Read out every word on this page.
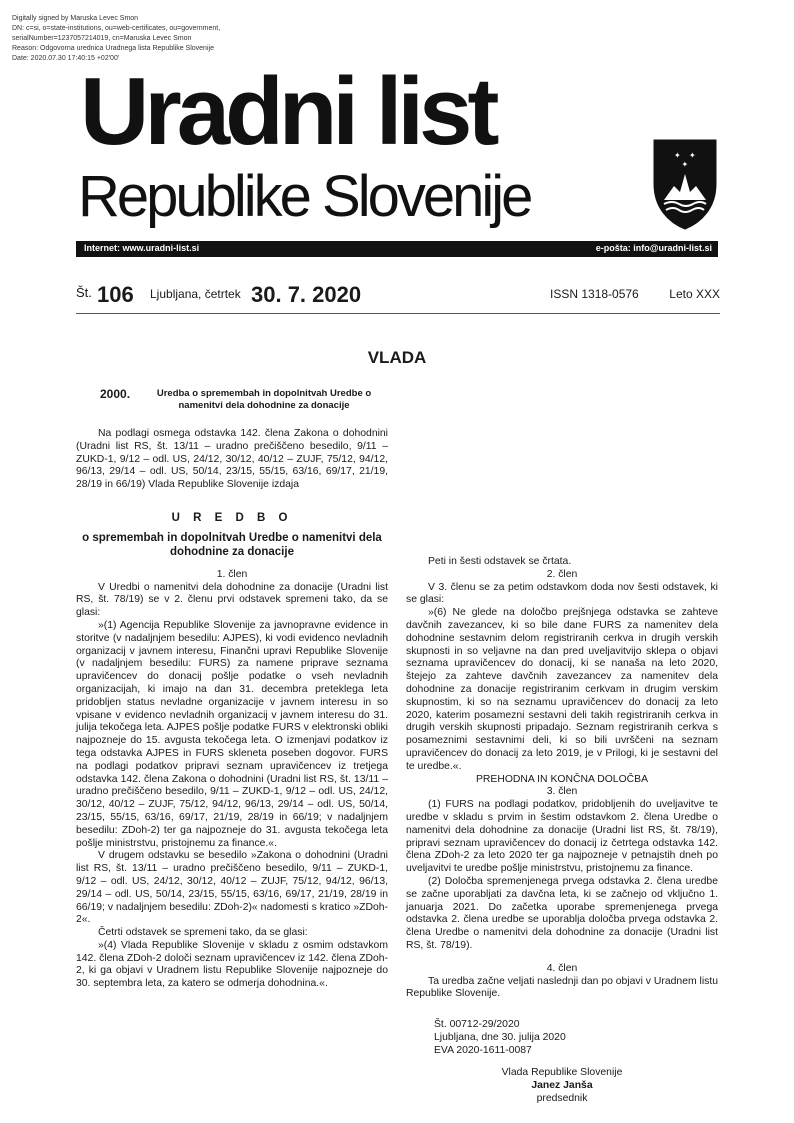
Digitally signed by Maruska Levec Smon
DN: c=si, o=state-institutions, ou=web-certificates, ou=government,
serialNumber=1237057214019, cn=Maruska Levec Smon
Reason: Odgovorna urednica Uradnega lista Republike Slovenije
Date: 2020.07.30 17:40:15 +02'00'
Uradni list
Republike Slovenije
✦ ✦
✦
Internet: www.uradni-list.si	e-pošta: info@uradni-list.si
Št. 106 Ljubljana, četrtek 30. 7. 2020	ISSN 1318-0576	Leto XXX
VLADA
2000.	Uredba o spremembah in dopolnitvah Uredbe o namenitvi dela dohodnine za donacije

Na podlagi osmega odstavka 142. člena Zakona o dohodnini (Uradni list RS, št. 13/11 – uradno prečiščeno besedilo, 9/11 – ZUKD-1, 9/12 – odl. US, 24/12, 30/12, 40/12 – ZUJF, 75/12, 94/12, 96/13, 29/14 – odl. US, 50/14, 23/15, 55/15, 63/16, 69/17, 21/19, 28/19 in 66/19) Vlada Republike Slovenije izdaja

U R E D B O
o spremembah in dopolnitvah Uredbe o namenitvi dela dohodnine za donacije

1. člen

V Uredbi o namenitvi dela dohodnine za donacije (Uradni list RS, št. 78/19) se v 2. členu prvi odstavek spremeni tako, da se glasi:

»(1) Agencija Republike Slovenije za javnopravne evidence in storitve (v nadaljnjem besedilu: AJPES), ki vodi evidenco nevladnih organizacij v javnem interesu, Finančni upravi Republike Slovenije (v nadaljnjem besedilu: FURS) za namene priprave seznama upravičencev do donacij pošlje podatke o vseh nevladnih organizacijah, ki imajo na dan 31. decembra preteklega leta pridobljen status nevladne organizacije v javnem interesu in so vpisane v evidenco nevladnih organizacij v javnem interesu do 31. julija tekočega leta. AJPES pošlje podatke FURS v elektronski obliki najpozneje do 15. avgusta tekočega leta. O izmenjavi podatkov iz tega odstavka AJPES in FURS skleneta poseben dogovor. FURS na podlagi podatkov pripravi seznam upravičencev iz tretjega odstavka 142. člena Zakona o dohodnini (Uradni list RS, št. 13/11 – uradno prečiščeno besedilo, 9/11 – ZUKD-1, 9/12 – odl. US, 24/12, 30/12, 40/12 – ZUJF, 75/12, 94/12, 96/13, 29/14 – odl. US, 50/14, 23/15, 55/15, 63/16, 69/17, 21/19, 28/19 in 66/19; v nadaljnjem besedilu: ZDoh-2) ter ga najpozneje do 31. avgusta tekočega leta pošlje ministrstvu, pristojnemu za finance.«.

V drugem odstavku se besedilo »Zakona o dohodnini (Uradni list RS, št. 13/11 – uradno prečiščeno besedilo, 9/11 – ZUKD-1, 9/12 – odl. US, 24/12, 30/12, 40/12 – ZUJF, 75/12, 94/12, 96/13, 29/14 – odl. US, 50/14, 23/15, 55/15, 63/16, 69/17, 21/19, 28/19 in 66/19; v nadaljnjem besedilu: ZDoh-2)« nadomesti s kratico »ZDoh-2«.

Četrti odstavek se spremeni tako, da se glasi:

»(4) Vlada Republike Slovenije v skladu z osmim odstavkom 142. člena ZDoh-2 določi seznam upravičencev iz 142. člena ZDoh-2, ki ga objavi v Uradnem listu Republike Slovenije najpozneje do 30. septembra leta, za katero se odmerja dohodnina.«.

Peti in šesti odstavek se črtata.

2. člen

V 3. členu se za petim odstavkom doda nov šesti odstavek, ki se glasi:

»(6) Ne glede na določbo prejšnjega odstavka se zahteve davčnih zavezancev, ki so bile dane FURS za namenitev dela dohodnine sestavnim delom registriranih cerkva in drugih verskih skupnosti in so veljavne na dan pred uveljavitvijo sklepa o objavi seznama upravičencev do donacij, ki se nanaša na leto 2020, štejejo za zahteve davčnih zavezancev za namenitev dela dohodnine za donacije registriranim cerkvam in drugim verskim skupnostim, ki so na seznamu upravičencev do donacij za leto 2020, katerim posamezni sestavni deli takih registriranih cerkva in drugih verskih skupnosti pripadajo. Seznam registriranih cerkva s posameznimi sestavnimi deli, ki so bili uvrščeni na seznam upravičencev do donacij za leto 2019, je v Prilogi, ki je sestavni del te uredbe.«.

PREHODNA IN KONČNA DOLOČBA

3. člen

(1) FURS na podlagi podatkov, pridobljenih do uveljavitve te uredbe v skladu s prvim in šestim odstavkom 2. člena Uredbe o namenitvi dela dohodnine za donacije (Uradni list RS, št. 78/19), pripravi seznam upravičencev do donacij iz četrtega odstavka 142. člena ZDoh-2 za leto 2020 ter ga najpozneje v petnajstih dneh po uveljavitvi te uredbe pošlje ministrstvu, pristojnemu za finance.

(2) Določba spremenjenega prvega odstavka 2. člena uredbe se začne uporabljati za davčna leta, ki se začnejo od vključno 1. januarja 2021. Do začetka uporabe spremenjenega prvega odstavka 2. člena uredbe se uporablja določba prvega odstavka 2. člena Uredbe o namenitvi dela dohodnine za donacije (Uradni list RS, št. 78/19).

4. člen

Ta uredba začne veljati naslednji dan po objavi v Uradnem listu Republike Slovenije.

Št. 00712-29/2020

Ljubljana, dne 30. julija 2020

EVA 2020-1611-0087

Vlada Republike Slovenije

Janez Janša

predsednik
